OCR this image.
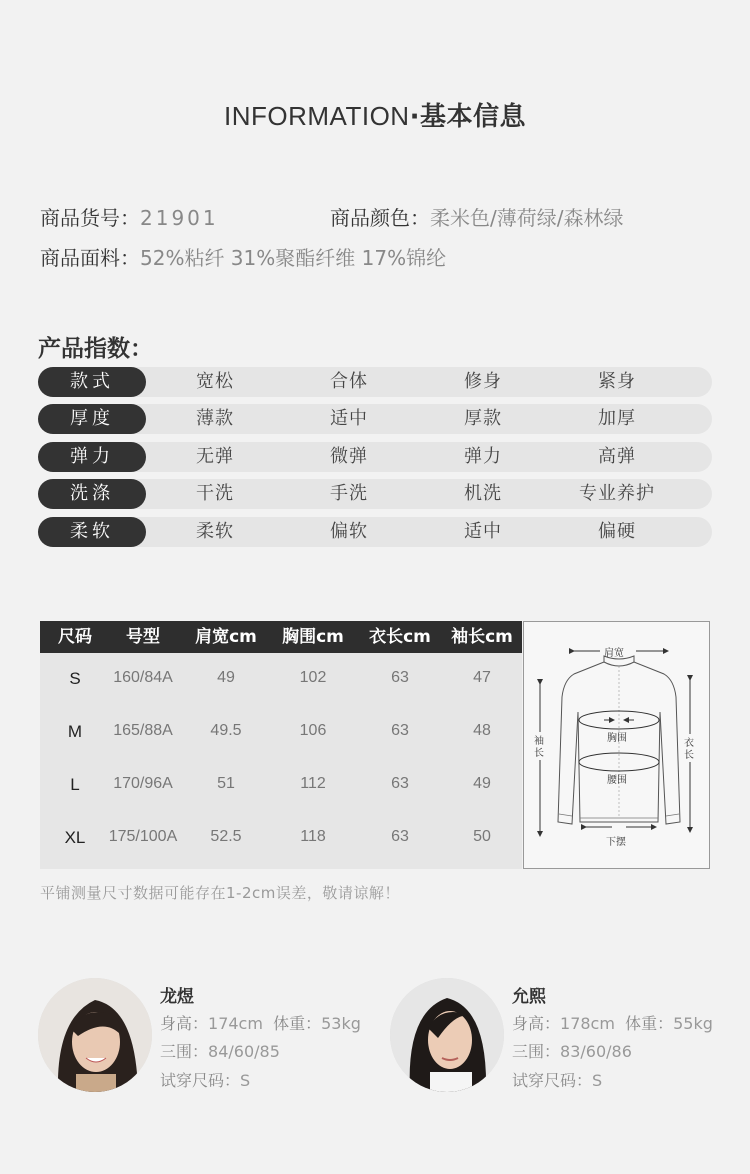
INFORMATION·基本信息
商品货号：21901	商品颜色：柔米色/薄荷绿/森林绿
商品面料：52%粘纤 31%聚酯纤维 17%锦纶
产品指数：
款式	宽松	合体	修身	紧身
厚度	薄款	适中	厚款	加厚
弹力	无弹	微弹	弹力	高弹
洗涤	干洗	手洗	机洗	专业养护
柔软	柔软	偏软	适中	偏硬
尺码	号型	肩宽cm	胸围cm	衣长cm	袖长cm
S	160/84A	49	102	63	47
M	165/88A	49.5	106	63	48
L	170/96A	51	112	63	49
XL	175/100A	52.5	118	63	50
肩宽
胸围
腰围
下摆
袖长
衣长
平铺测量尺寸数据可能存在1-2cm误差，敬请谅解！
龙煜
身高：174cm 体重：53kg
三围：84/60/85
试穿尺码：S
允熙
身高：178cm 体重：55kg
三围：83/60/86
试穿尺码：S
